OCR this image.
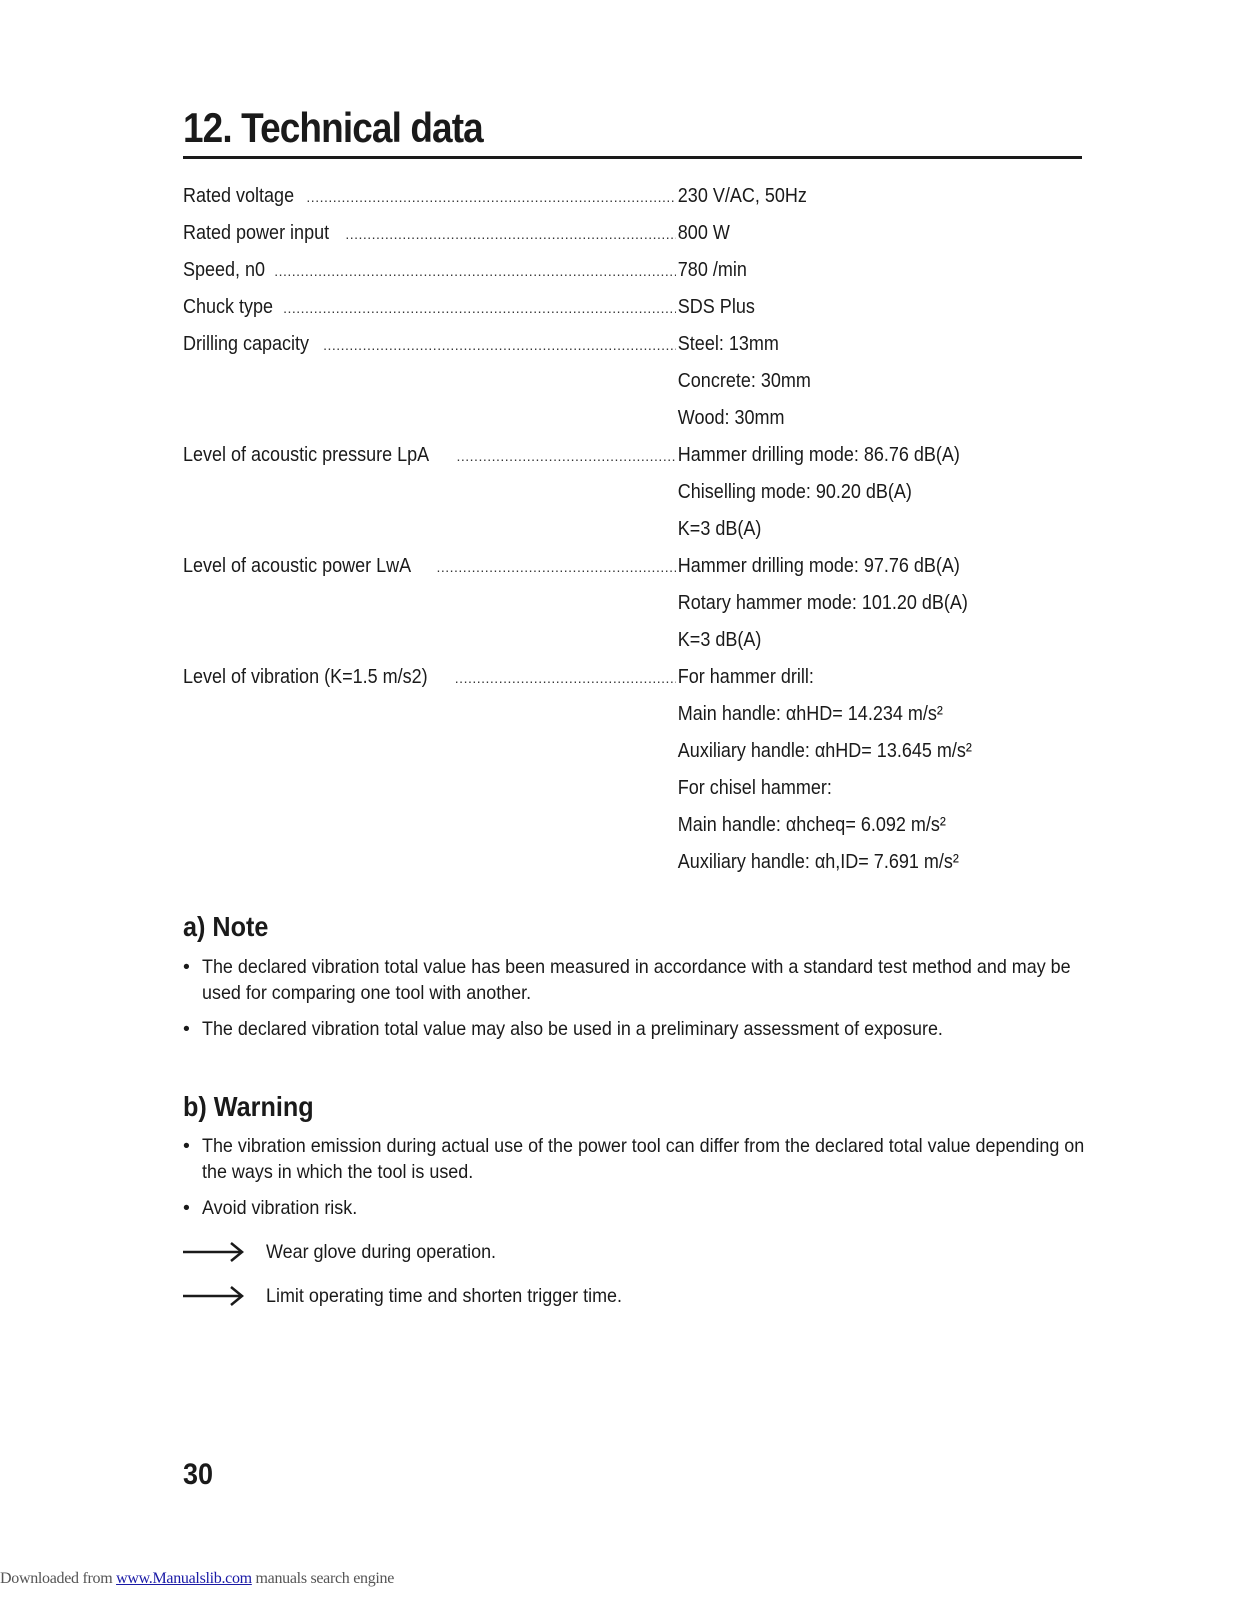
12. Technical data
Rated voltage .....	230 V/AC, 50Hz
Rated power input .....	800 W
Speed, n0 .....	780 /min
Chuck type .....	SDS Plus
Drilling capacity .....	Steel: 13mm
Concrete: 30mm
Wood: 30mm
Level of acoustic pressure LpA .....	Hammer drilling mode: 86.76 dB(A)
Chiselling mode: 90.20 dB(A)
K=3 dB(A)
Level of acoustic power LwA .....	Hammer drilling mode: 97.76 dB(A)
Rotary hammer mode: 101.20 dB(A)
K=3 dB(A)
Level of vibration (K=1.5 m/s2) .....	For hammer drill:
Main handle: αhHD= 14.234 m/s²
Auxiliary handle: αhHD= 13.645 m/s²
For chisel hammer:
Main handle: αhcheq= 6.092 m/s²
Auxiliary handle: αh,ID= 7.691 m/s²
a) Note
• The declared vibration total value has been measured in accordance with a standard test method and may be used for comparing one tool with another.
• The declared vibration total value may also be used in a preliminary assessment of exposure.
b) Warning
• The vibration emission during actual use of the power tool can differ from the declared total value depending on the ways in which the tool is used.
• Avoid vibration risk.
Wear glove during operation.
Limit operating time and shorten trigger time.
30
Downloaded from www.Manualslib.com manuals search engine
